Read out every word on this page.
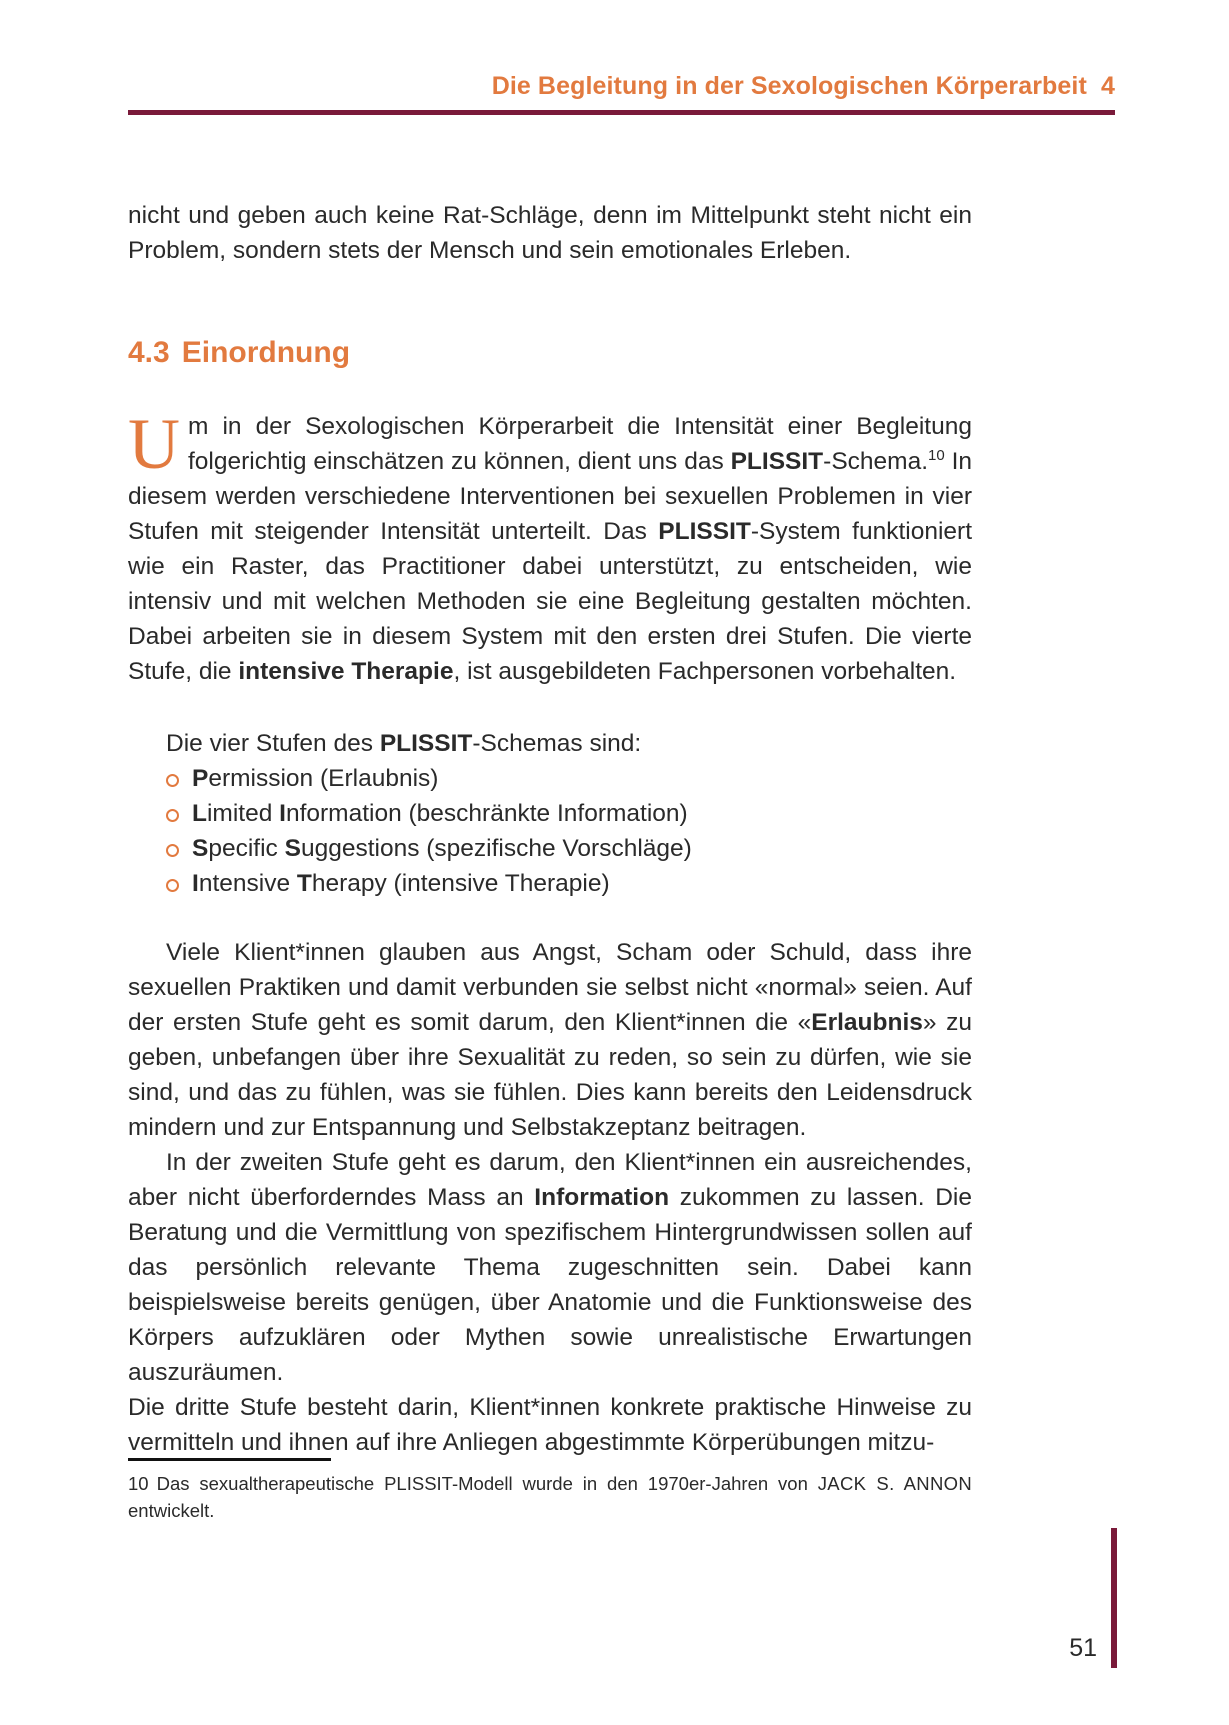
Die Begleitung in der Sexologischen Körperarbeit 4

nicht und geben auch keine Rat-Schläge, denn im Mittelpunkt steht nicht ein Problem, sondern stets der Mensch und sein emotionales Erleben.

4.3 Einordnung

Um in der Sexologischen Körperarbeit die Intensität einer Begleitung folgerichtig einschätzen zu können, dient uns das PLISSIT-Schema.$^{10}$ In diesem werden verschiedene Interventionen bei sexuellen Problemen in vier Stufen mit steigender Intensität unterteilt. Das PLISSIT-System funktioniert wie ein Raster, das Practitioner dabei unterstützt, zu entscheiden, wie intensiv und mit welchen Methoden sie eine Begleitung gestalten möchten. Dabei arbeiten sie in diesem System mit den ersten drei Stufen. Die vierte Stufe, die intensive Therapie, ist ausgebildeten Fachpersonen vorbehalten.

Die vier Stufen des PLISSIT-Schemas sind:

Permission (Erlaubnis)
Limited Information (beschränkte Information)
Specific Suggestions (spezifische Vorschläge)
Intensive Therapy (intensive Therapie)

Viele Klient*innen glauben aus Angst, Scham oder Schuld, dass ihre sexuellen Praktiken und damit verbunden sie selbst nicht «normal» seien. Auf der ersten Stufe geht es somit darum, den Klient*innen die «Erlaubnis» zu geben, unbefangen über ihre Sexualität zu reden, so sein zu dürfen, wie sie sind, und das zu fühlen, was sie fühlen. Dies kann bereits den Leidensdruck mindern und zur Entspannung und Selbstakzeptanz beitragen.

In der zweiten Stufe geht es darum, den Klient*innen ein ausreichendes, aber nicht überforderndes Mass an Information zukommen zu lassen. Die Beratung und die Vermittlung von spezifischem Hintergrundwissen sollen auf das persönlich relevante Thema zugeschnitten sein. Dabei kann beispielsweise bereits genügen, über Anatomie und die Funktionsweise des Körpers aufzuklären oder Mythen sowie unrealistische Erwartungen auszuräumen.

Die dritte Stufe besteht darin, Klient*innen konkrete praktische Hinweise zu vermitteln und ihnen auf ihre Anliegen abgestimmte Körperübungen mitzu-

10 Das sexualtherapeutische PLISSIT-Modell wurde in den 1970er-Jahren von JACK S. ANNON entwickelt.

51
